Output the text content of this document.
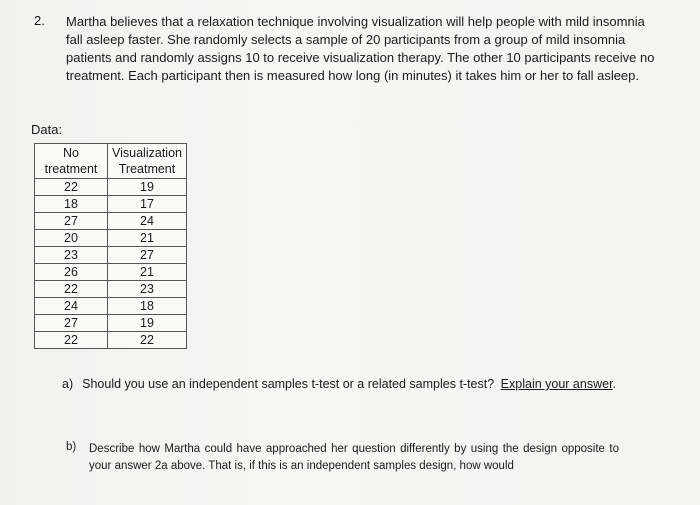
2. Martha believes that a relaxation technique involving visualization will help people with mild insomnia fall asleep faster. She randomly selects a sample of 20 participants from a group of mild insomnia patients and randomly assigns 10 to receive visualization therapy. The other 10 participants receive no treatment. Each participant then is measured how long (in minutes) it takes him or her to fall asleep.

Data:
No treatment	Visualization Treatment
22	19
18	17
27	24
20	21
23	27
26	21
22	23
24	18
27	19
22	22
a) Should you use an independent samples t-test or a related samples t-test? Explain your answer.
b) Describe how Martha could have approached her question differently by using the design opposite to your answer 2a above. That is, if this is an independent samples design, how would
